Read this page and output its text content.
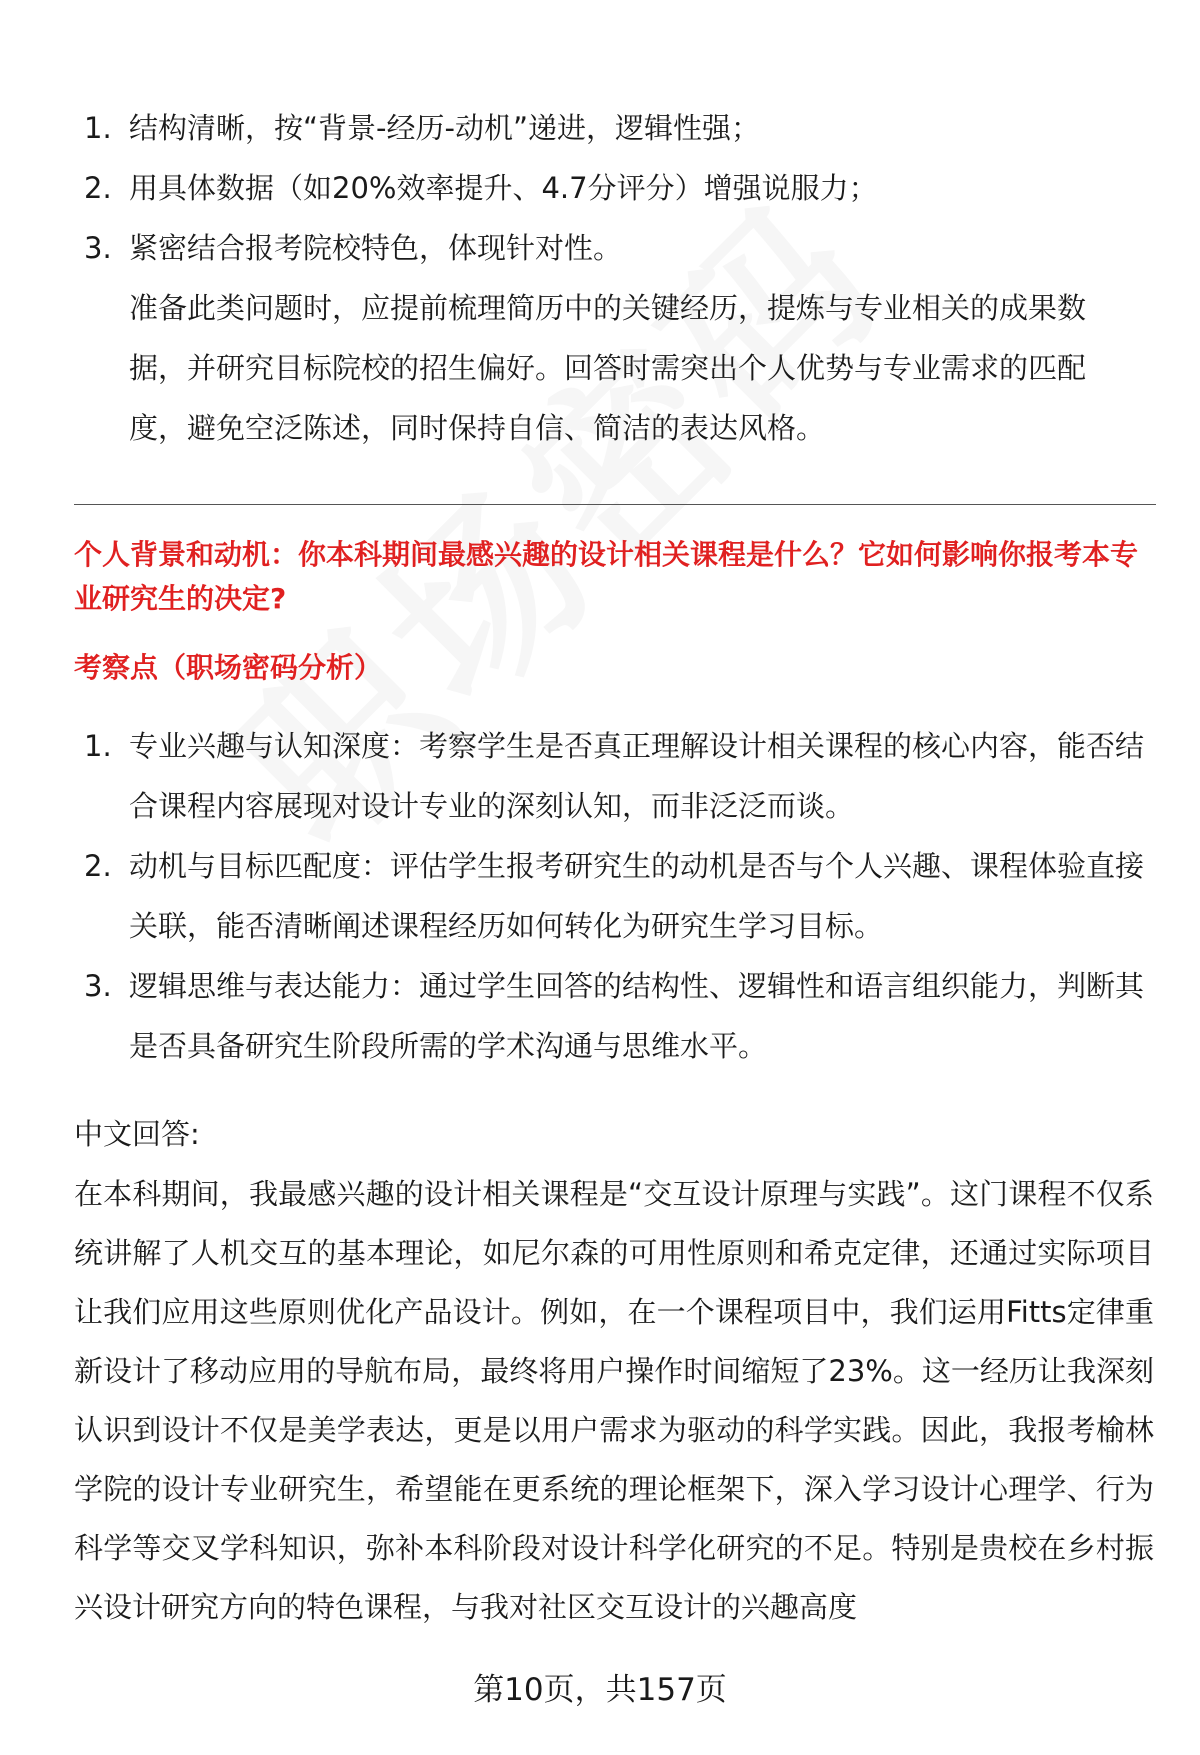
1. 结构清晰，按“背景-经历-动机”递进，逻辑性强；
2. 用具体数据（如20%效率提升、4.7分评分）增强说服力；
3. 紧密结合报考院校特色，体现针对性。
准备此类问题时，应提前梳理简历中的关键经历，提炼与专业相关的成果数据，并研究目标院校的招生偏好。回答时需突出个人优势与专业需求的匹配度，避免空泛陈述，同时保持自信、简洁的表达风格。
个人背景和动机：你本科期间最感兴趣的设计相关课程是什么？它如何影响你报考本专业研究生的决定?
考察点（职场密码分析）
1. 专业兴趣与认知深度：考察学生是否真正理解设计相关课程的核心内容，能否结合课程内容展现对设计专业的深刻认知，而非泛泛而谈。
2. 动机与目标匹配度：评估学生报考研究生的动机是否与个人兴趣、课程体验直接关联，能否清晰阐述课程经历如何转化为研究生学习目标。
3. 逻辑思维与表达能力：通过学生回答的结构性、逻辑性和语言组织能力，判断其是否具备研究生阶段所需的学术沟通与思维水平。
中文回答:
在本科期间，我最感兴趣的设计相关课程是“交互设计原理与实践”。这门课程不仅系统讲解了人机交互的基本理论，如尼尔森的可用性原则和希克定律，还通过实际项目让我们应用这些原则优化产品设计。例如，在一个课程项目中，我们运用Fitts定律重新设计了移动应用的导航布局，最终将用户操作时间缩短了23%。这一经历让我深刻认识到设计不仅是美学表达，更是以用户需求为驱动的科学实践。因此，我报考榆林学院的设计专业研究生，希望能在更系统的理论框架下，深入学习设计心理学、行为科学等交叉学科知识，弥补本科阶段对设计科学化研究的不足。特别是贵校在乡村振兴设计研究方向的特色课程，与我对社区交互设计的兴趣高度
第10页，共157页
